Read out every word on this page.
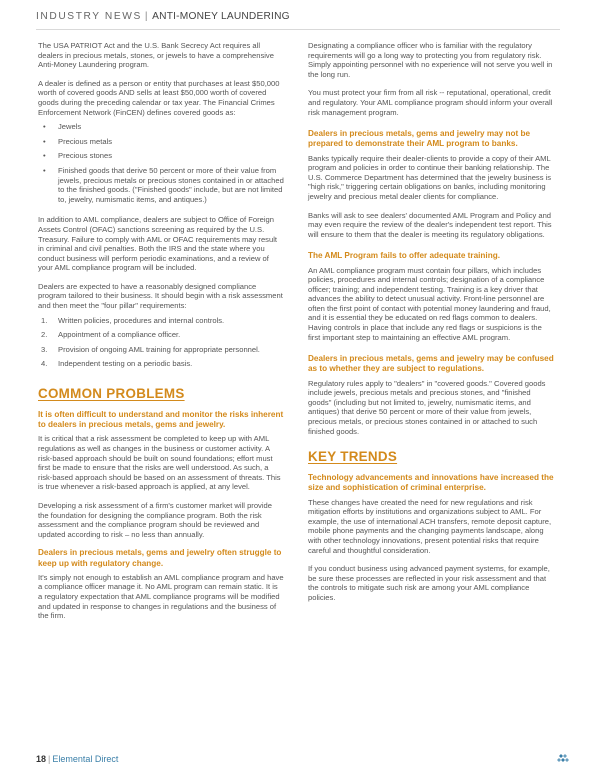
INDUSTRY NEWS | ANTI-MONEY LAUNDERING

The USA PATRIOT Act and the U.S. Bank Secrecy Act requires all dealers in precious metals, stones, or jewels to have a comprehensive Anti-Money Laundering program.

A dealer is defined as a person or entity that purchases at least $50,000 worth of covered goods AND sells at least $50,000 worth of covered goods during the preceding calendar or tax year. The Financial Crimes Enforcement Network (FinCEN) defines covered goods as:

• Jewels
• Precious metals
• Precious stones
• Finished goods that derive 50 percent or more of their value from jewels, precious metals or precious stones contained in or attached to the finished goods. ("Finished goods" include, but are not limited to, jewelry, numismatic items, and antiques.)

In addition to AML compliance, dealers are subject to Office of Foreign Assets Control (OFAC) sanctions screening as required by the U.S. Treasury. Failure to comply with AML or OFAC requirements may result in criminal and civil penalties. Both the IRS and the state where you conduct business will perform periodic examinations, and a review of your AML compliance program will be included.

Dealers are expected to have a reasonably designed compliance program tailored to their business. It should begin with a risk assessment and then meet the "four pillar" requirements:

1. Written policies, procedures and internal controls.
2. Appointment of a compliance officer.
3. Provision of ongoing AML training for appropriate personnel.
4. Independent testing on a periodic basis.
COMMON PROBLEMS

It is often difficult to understand and monitor the risks inherent to dealers in precious metals, gems and jewelry.

It is critical that a risk assessment be completed to keep up with AML regulations as well as changes in the business or customer activity. A risk-based approach should be built on sound foundations; effort must first be made to ensure that the risks are well understood. As such, a risk-based approach should be based on an assessment of threats. This is true whenever a risk-based approach is applied, at any level.

Developing a risk assessment of a firm's customer market will provide the foundation for designing the compliance program. Both the risk assessment and the compliance program should be reviewed and updated according to risk – no less than annually.

Dealers in precious metals, gems and jewelry often struggle to keep up with regulatory change.

It's simply not enough to establish an AML compliance program and have a compliance officer manage it. No AML program can remain static. It is a regulatory expectation that AML compliance programs will be modified and updated in response to changes in regulations and the business of the firm.

Designating a compliance officer who is familiar with the regulatory requirements will go a long way to protecting you from regulatory risk. Simply appointing personnel with no experience will not serve you well in the long run.

You must protect your firm from all risk -- reputational, operational, credit and regulatory. Your AML compliance program should inform your overall risk management program.

Dealers in precious metals, gems and jewelry may not be prepared to demonstrate their AML program to banks.

Banks typically require their dealer-clients to provide a copy of their AML program and policies in order to continue their banking relationship. The U.S. Commerce Department has determined that the jewelry business is "high risk," triggering certain obligations on banks, including monitoring jewelry and precious metal dealer clients for compliance.

Banks will ask to see dealers' documented AML Program and Policy and may even require the review of the dealer's independent test report. This will ensure to them that the dealer is meeting its regulatory obligations.

The AML Program fails to offer adequate training.

An AML compliance program must contain four pillars, which includes policies, procedures and internal controls; designation of a compliance officer; training; and independent testing. Training is a key driver that advances the ability to detect unusual activity. Front-line personnel are often the first point of contact with potential money laundering and fraud, and it is essential they be educated on red flags common to dealers. Having controls in place that include any red flags or suspicions is the first important step to maintaining an effective AML program.

Dealers in precious metals, gems and jewelry may be confused as to whether they are subject to regulations.

Regulatory rules apply to "dealers" in "covered goods." Covered goods include jewels, precious metals and precious stones, and "finished goods" (including but not limited to, jewelry, numismatic items, and antiques) that derive 50 percent or more of their value from jewels, precious metals, or precious stones contained in or attached to such finished goods.

KEY TRENDS

Technology advancements and innovations have increased the size and sophistication of criminal enterprise.

These changes have created the need for new regulations and risk mitigation efforts by institutions and organizations subject to AML. For example, the use of international ACH transfers, remote deposit capture, mobile phone payments and the changing payments landscape, along with other technology innovations, present potential risks that require careful and thoughtful consideration.

If you conduct business using advanced payment systems, for example, be sure these processes are reflected in your risk assessment and that the controls to mitigate such risk are among your AML compliance policies.

18 | Elemental Direct
